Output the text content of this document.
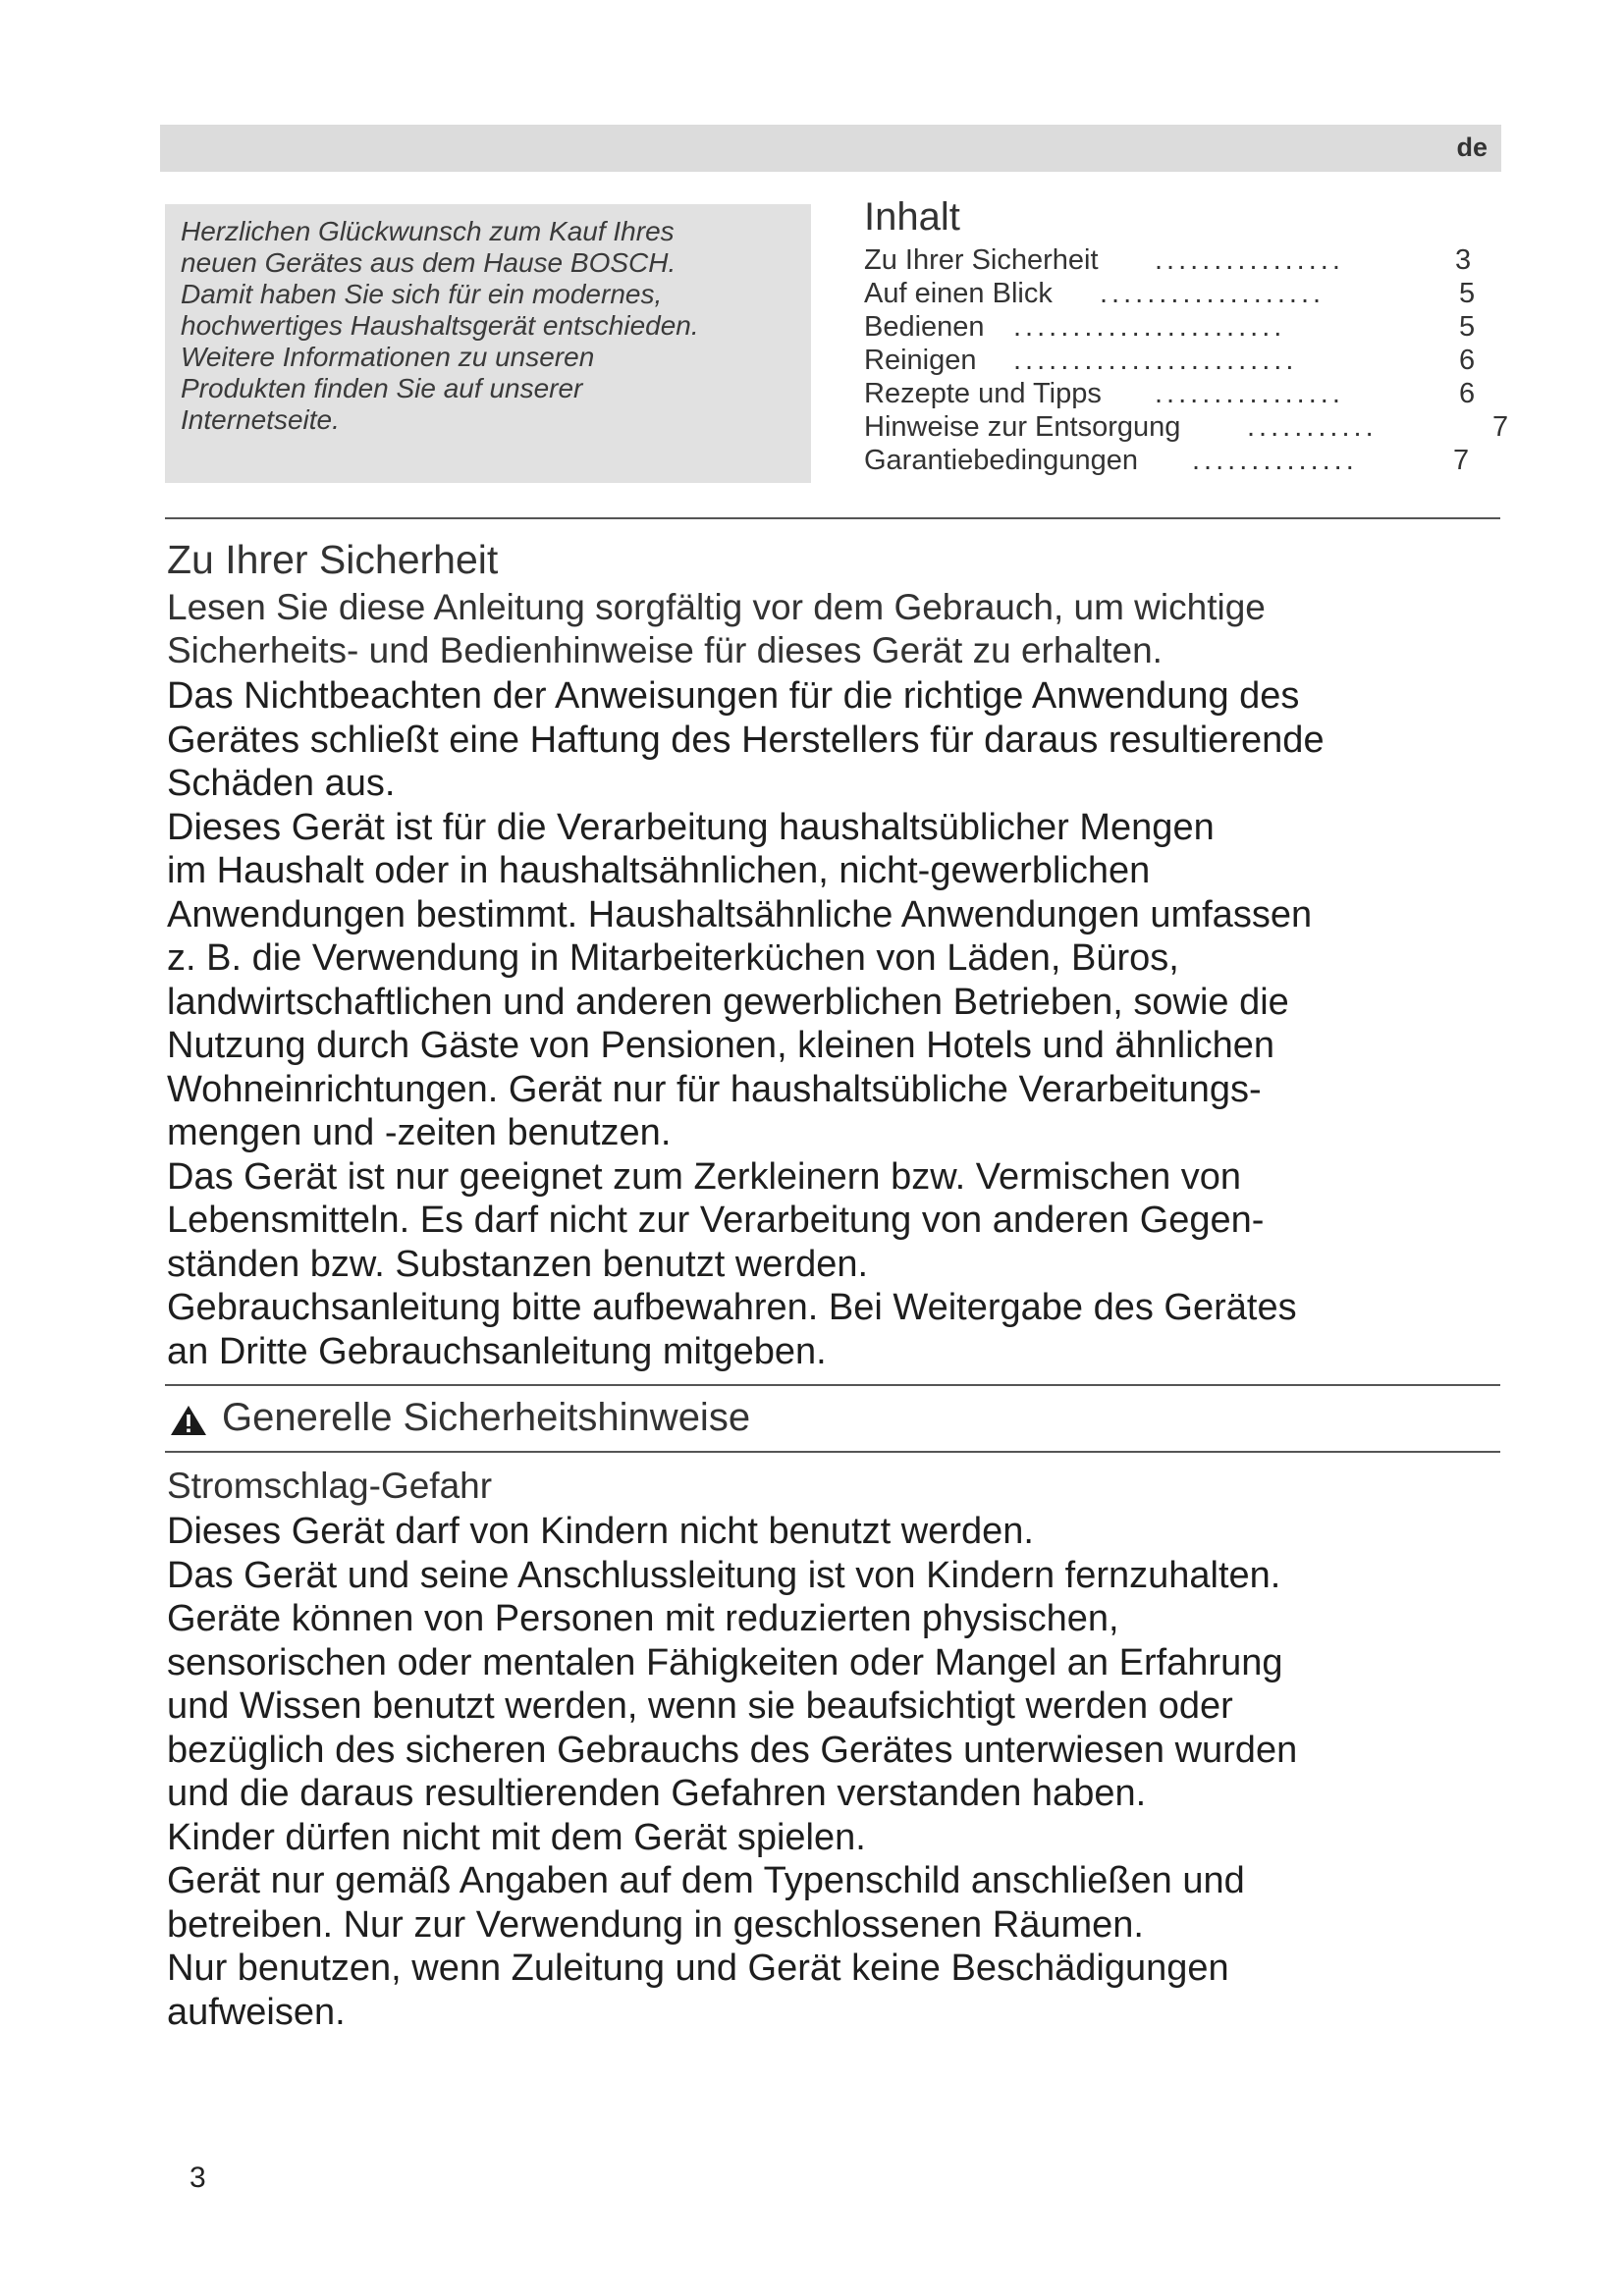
de
Herzlichen Glückwunsch zum Kauf Ihres
neuen Gerätes aus dem Hause BOSCH.
Damit haben Sie sich für ein modernes,
hochwertiges Haushaltsgerät entschieden.
Weitere Informationen zu unseren
Produkten finden Sie auf unserer
Internetseite.
Inhalt
Zu Ihrer Sicherheit ................	3
Auf einen Blick ...................	5
Bedienen .......................	5
Reinigen ........................	6
Rezepte und Tipps ................	6
Hinweise zur Entsorgung ...........	7
Garantiebedingungen ..............	7
Zu Ihrer Sicherheit
Lesen Sie diese Anleitung sorgfältig vor dem Gebrauch, um wichtige
Sicherheits- und Bedienhinweise für dieses Gerät zu erhalten.
Das Nichtbeachten der Anweisungen für die richtige Anwendung des
Gerätes schließt eine Haftung des Herstellers für daraus resultierende
Schäden aus.
Dieses Gerät ist für die Verarbeitung haushaltsüblicher Mengen
im Haushalt oder in haushaltsähnlichen, nicht-gewerblichen
Anwendungen bestimmt. Haushaltsähnliche Anwendungen umfassen
z. B. die Verwendung in Mitarbeiterküchen von Läden, Büros,
landwirtschaftlichen und anderen gewerblichen Betrieben, sowie die
Nutzung durch Gäste von Pensionen, kleinen Hotels und ähnlichen
Wohneinrichtungen. Gerät nur für haushaltsübliche Verarbeitungs-
mengen und -zeiten benutzen.
Das Gerät ist nur geeignet zum Zerkleinern bzw. Vermischen von
Lebensmitteln. Es darf nicht zur Verarbeitung von anderen Gegen-
ständen bzw. Substanzen benutzt werden.
Gebrauchsanleitung bitte aufbewahren. Bei Weitergabe des Gerätes
an Dritte Gebrauchsanleitung mitgeben.
Generelle Sicherheitshinweise
Stromschlag-Gefahr
Dieses Gerät darf von Kindern nicht benutzt werden.
Das Gerät und seine Anschlussleitung ist von Kindern fernzuhalten.
Geräte können von Personen mit reduzierten physischen,
sensorischen oder mentalen Fähigkeiten oder Mangel an Erfahrung
und Wissen benutzt werden, wenn sie beaufsichtigt werden oder
bezüglich des sicheren Gebrauchs des Gerätes unterwiesen wurden
und die daraus resultierenden Gefahren verstanden haben.
Kinder dürfen nicht mit dem Gerät spielen.
Gerät nur gemäß Angaben auf dem Typenschild anschließen und
betreiben. Nur zur Verwendung in geschlossenen Räumen.
Nur benutzen, wenn Zuleitung und Gerät keine Beschädigungen
aufweisen.
3
